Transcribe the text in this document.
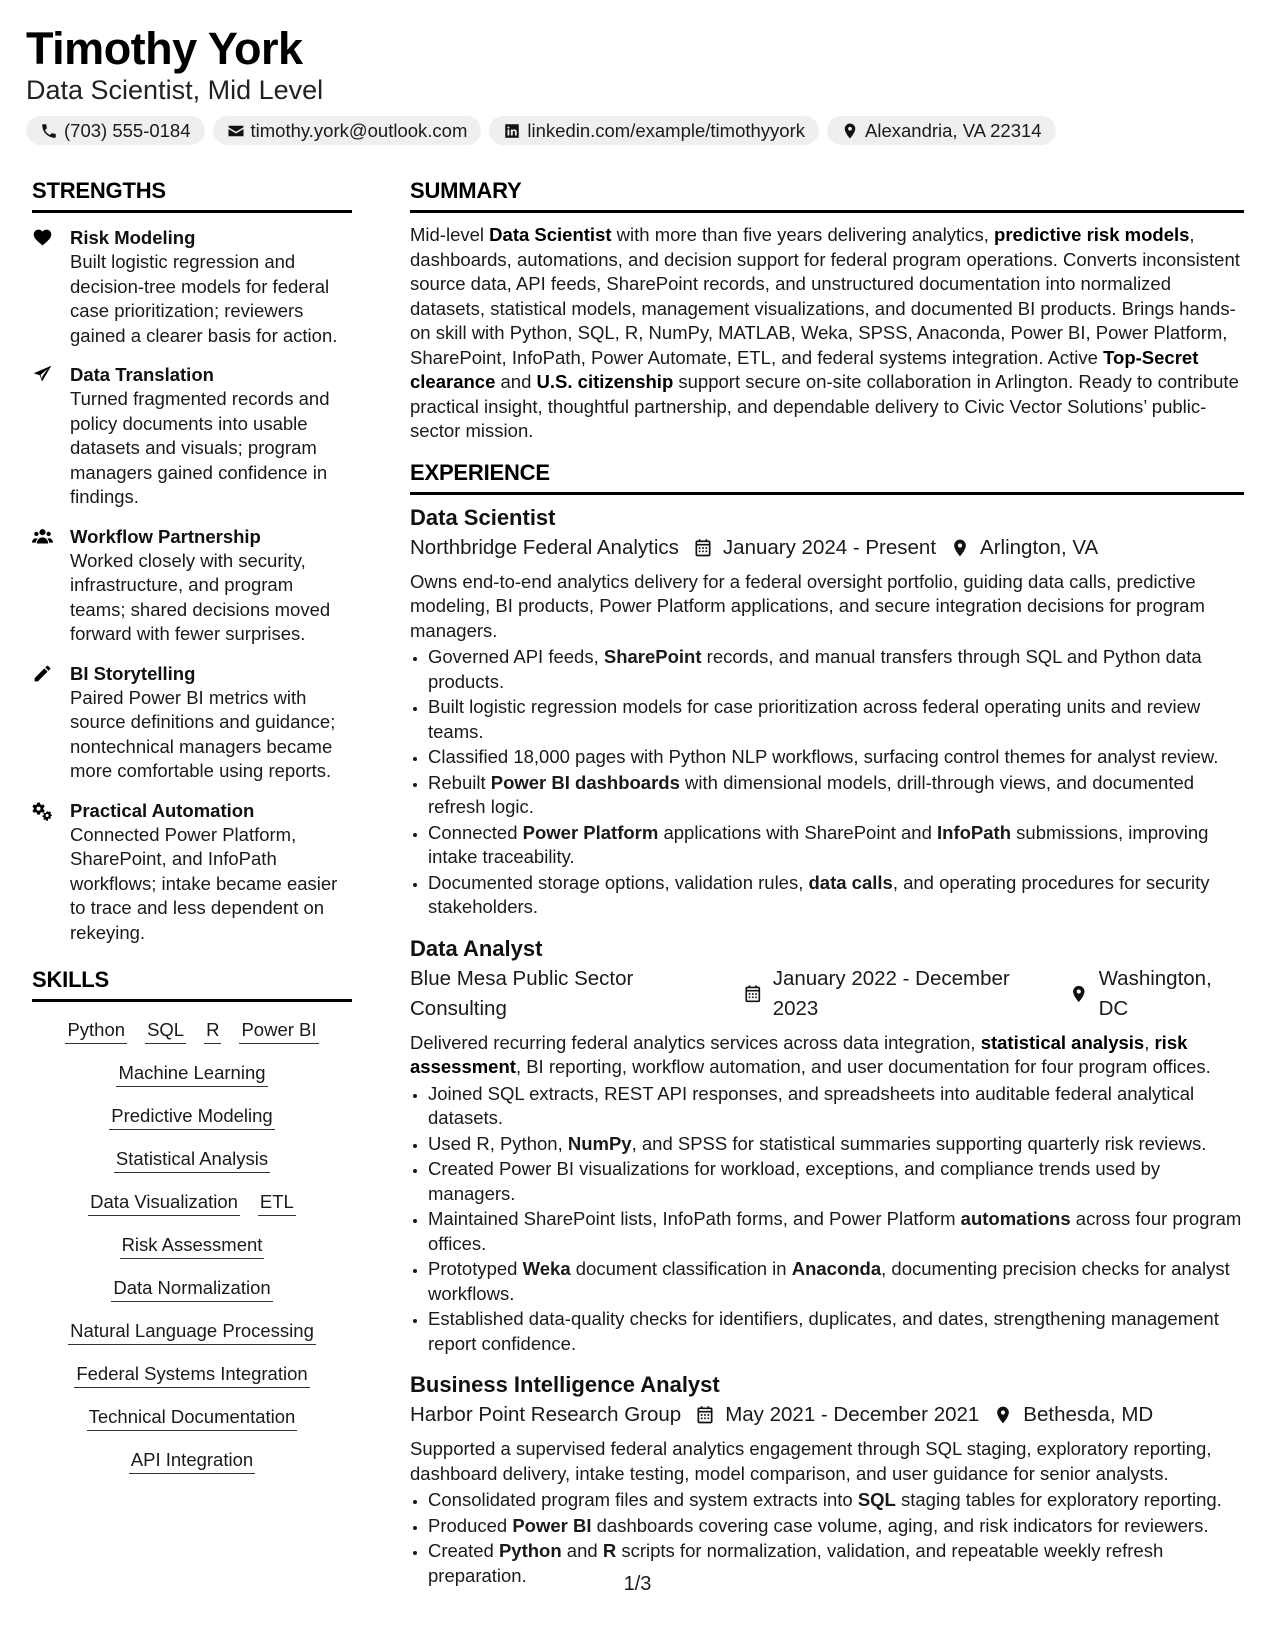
Timothy York
Data Scientist, Mid Level
(703) 555-0184	timothy.york@outlook.com	linkedin.com/example/timothyyork	Alexandria, VA 22314
STRENGTHS
Risk Modeling
Built logistic regression and decision-tree models for federal case prioritization; reviewers gained a clearer basis for action.
Data Translation
Turned fragmented records and policy documents into usable datasets and visuals; program managers gained confidence in findings.
Workflow Partnership
Worked closely with security, infrastructure, and program teams; shared decisions moved forward with fewer surprises.
BI Storytelling
Paired Power BI metrics with source definitions and guidance; nontechnical managers became more comfortable using reports.
Practical Automation
Connected Power Platform, SharePoint, and InfoPath workflows; intake became easier to trace and less dependent on rekeying.
SKILLS
Python SQL R Power BI
Machine Learning
Predictive Modeling
Statistical Analysis
Data Visualization ETL
Risk Assessment
Data Normalization
Natural Language Processing
Federal Systems Integration
Technical Documentation
API Integration
SUMMARY
Mid-level Data Scientist with more than five years delivering analytics, predictive risk models, dashboards, automations, and decision support for federal program operations. Converts inconsistent source data, API feeds, SharePoint records, and unstructured documentation into normalized datasets, statistical models, management visualizations, and documented BI products. Brings hands-on skill with Python, SQL, R, NumPy, MATLAB, Weka, SPSS, Anaconda, Power BI, Power Platform, SharePoint, InfoPath, Power Automate, ETL, and federal systems integration. Active Top-Secret clearance and U.S. citizenship support secure on-site collaboration in Arlington. Ready to contribute practical insight, thoughtful partnership, and dependable delivery to Civic Vector Solutions’ public-sector mission.
EXPERIENCE
Data Scientist
Northbridge Federal Analytics January 2024 - Present Arlington, VA
Owns end-to-end analytics delivery for a federal oversight portfolio, guiding data calls, predictive modeling, BI products, Power Platform applications, and secure integration decisions for program managers.
• Governed API feeds, SharePoint records, and manual transfers through SQL and Python data products.
• Built logistic regression models for case prioritization across federal operating units and review teams.
• Classified 18,000 pages with Python NLP workflows, surfacing control themes for analyst review.
• Rebuilt Power BI dashboards with dimensional models, drill-through views, and documented refresh logic.
• Connected Power Platform applications with SharePoint and InfoPath submissions, improving intake traceability.
• Documented storage options, validation rules, data calls, and operating procedures for security stakeholders.
Data Analyst
Blue Mesa Public Sector Consulting
January 2022 - December 2023
Washington, DC
Delivered recurring federal analytics services across data integration, statistical analysis, risk assessment, BI reporting, workflow automation, and user documentation for four program offices.
• Joined SQL extracts, REST API responses, and spreadsheets into auditable federal analytical datasets.
• Used R, Python, NumPy, and SPSS for statistical summaries supporting quarterly risk reviews.
• Created Power BI visualizations for workload, exceptions, and compliance trends used by managers.
• Maintained SharePoint lists, InfoPath forms, and Power Platform automations across four program offices.
• Prototyped Weka document classification in Anaconda, documenting precision checks for analyst workflows.
• Established data-quality checks for identifiers, duplicates, and dates, strengthening management report confidence.
Business Intelligence Analyst
Harbor Point Research Group May 2021 - December 2021 Bethesda, MD
Supported a supervised federal analytics engagement through SQL staging, exploratory reporting, dashboard delivery, intake testing, model comparison, and user guidance for senior analysts.
• Consolidated program files and system extracts into SQL staging tables for exploratory reporting.
• Produced Power BI dashboards covering case volume, aging, and risk indicators for reviewers.
• Created Python and R scripts for normalization, validation, and repeatable weekly refresh preparation.	1/3
